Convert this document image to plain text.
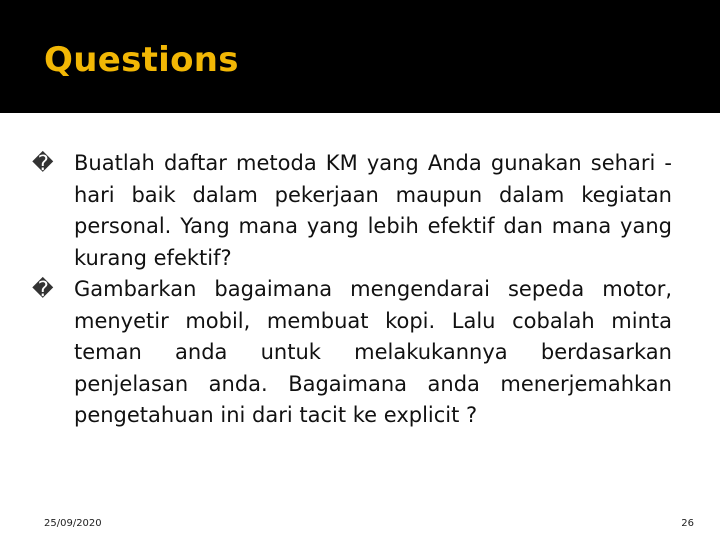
Questions

� Buatlah daftar metoda KM yang Anda gunakan sehari - hari baik dalam pekerjaan maupun dalam kegiatan personal. Yang mana yang lebih efektif dan mana yang kurang efektif?

� Gambarkan bagaimana mengendarai sepeda motor, menyetir mobil, membuat kopi. Lalu cobalah minta teman anda untuk melakukannya berdasarkan penjelasan anda. Bagaimana anda menerjemahkan pengetahuan ini dari tacit ke explicit ?

25/09/2020	26
